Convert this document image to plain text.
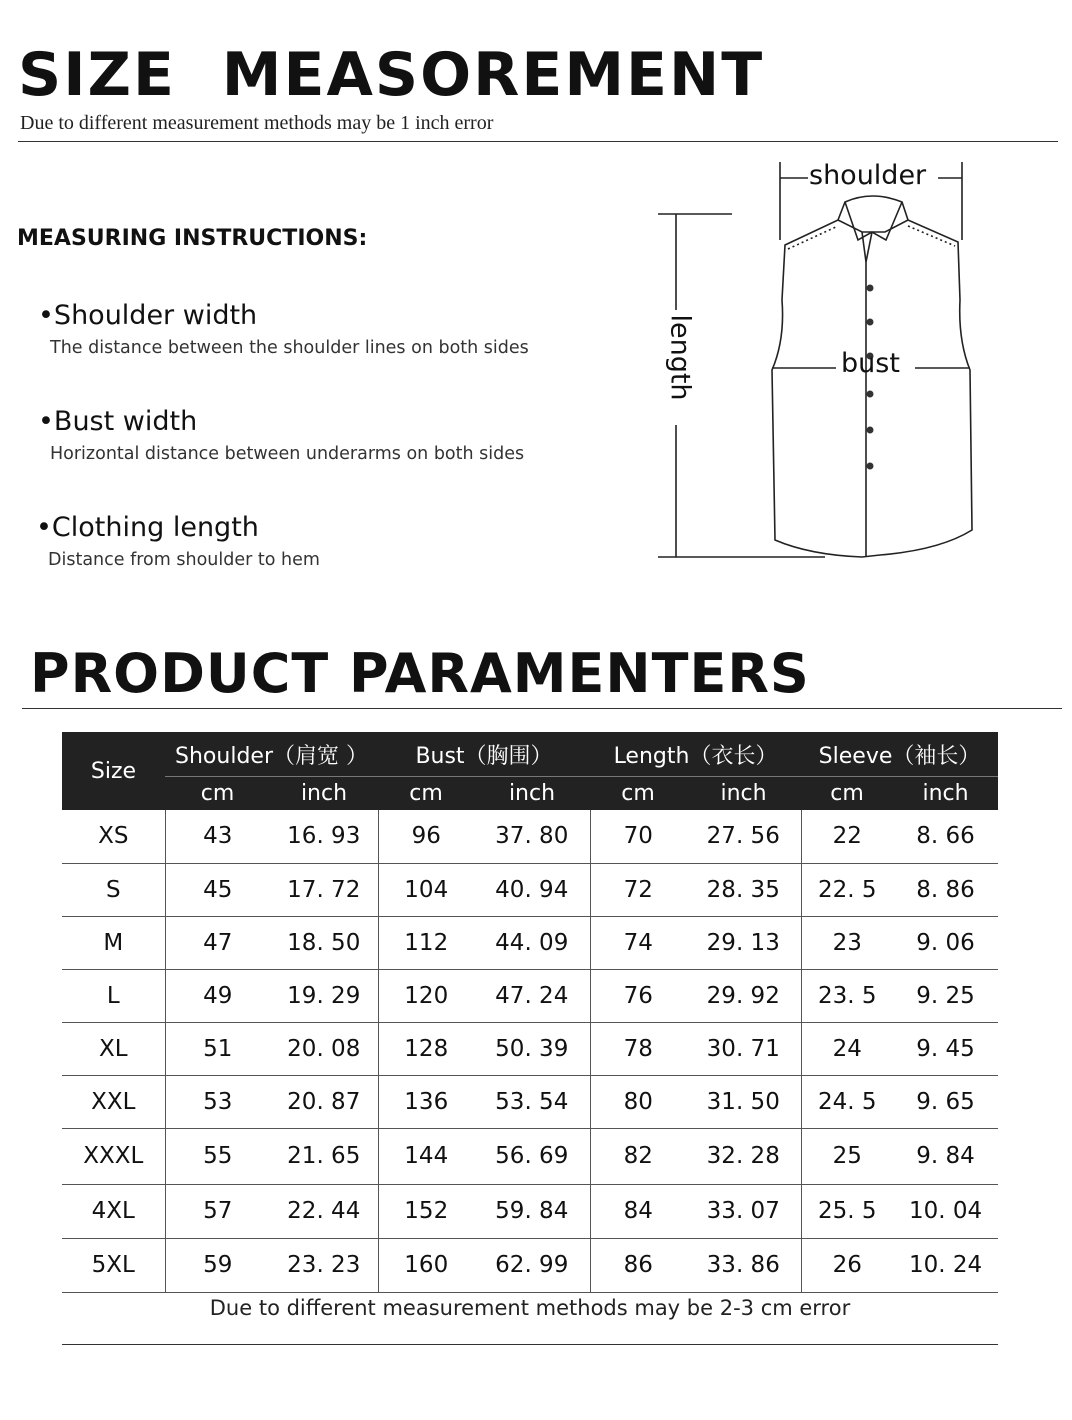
SIZE  MEASOREMENT
Due to different measurement methods may be 1 inch error
MEASURING INSTRUCTIONS:
•Shoulder width
The distance between the shoulder lines on both sides
•Bust width
Horizontal distance between underarms on both sides
•Clothing length
Distance from shoulder to hem
shoulder
bust
length
PRODUCT PARAMENTERS
Size	Shoulder（肩宽 ）		Bust（胸围）		Length（衣长）		Sleeve（袖长）	
	cm	inch	cm	inch	cm	inch	cm	inch
XS	43	16. 93	96	37. 80	70	27. 56	22	8. 66
S	45	17. 72	104	40. 94	72	28. 35	22. 5	8. 86
M	47	18. 50	112	44. 09	74	29. 13	23	9. 06
L	49	19. 29	120	47. 24	76	29. 92	23. 5	9. 25
XL	51	20. 08	128	50. 39	78	30. 71	24	9. 45
XXL	53	20. 87	136	53. 54	80	31. 50	24. 5	9. 65
XXXL	55	21. 65	144	56. 69	82	32. 28	25	9. 84
4XL	57	22. 44	152	59. 84	84	33. 07	25. 5	10. 04
5XL	59	23. 23	160	62. 99	86	33. 86	26	10. 24
Due to different measurement methods may be 2-3 cm error
